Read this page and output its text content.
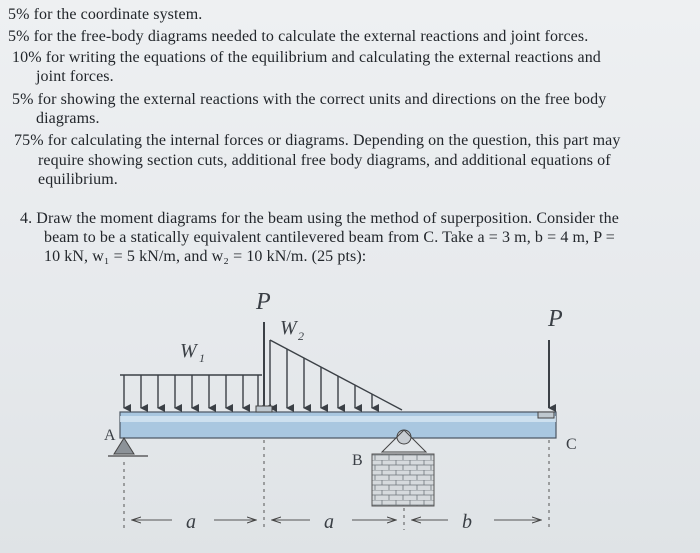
5% for the coordinate system.
5% for the free-body diagrams needed to calculate the external reactions and joint forces.
10% for writing the equations of the equilibrium and calculating the external reactions and
joint forces.
5% for showing the external reactions with the correct units and directions on the free body
diagrams.
75% for calculating the internal forces or diagrams. Depending on the question, this part may
require showing section cuts, additional free body diagrams, and additional equations of
equilibrium.
4. Draw the moment diagrams for the beam using the method of superposition. Consider the
beam to be a statically equivalent cantilevered beam from C. Take a = 3 m, b = 4 m, P =
10 kN, w₁ = 5 kN/m, and w₂ = 10 kN/m. (25 pts):
P
P
W 1
W 2
A
B
C
a	a	b
